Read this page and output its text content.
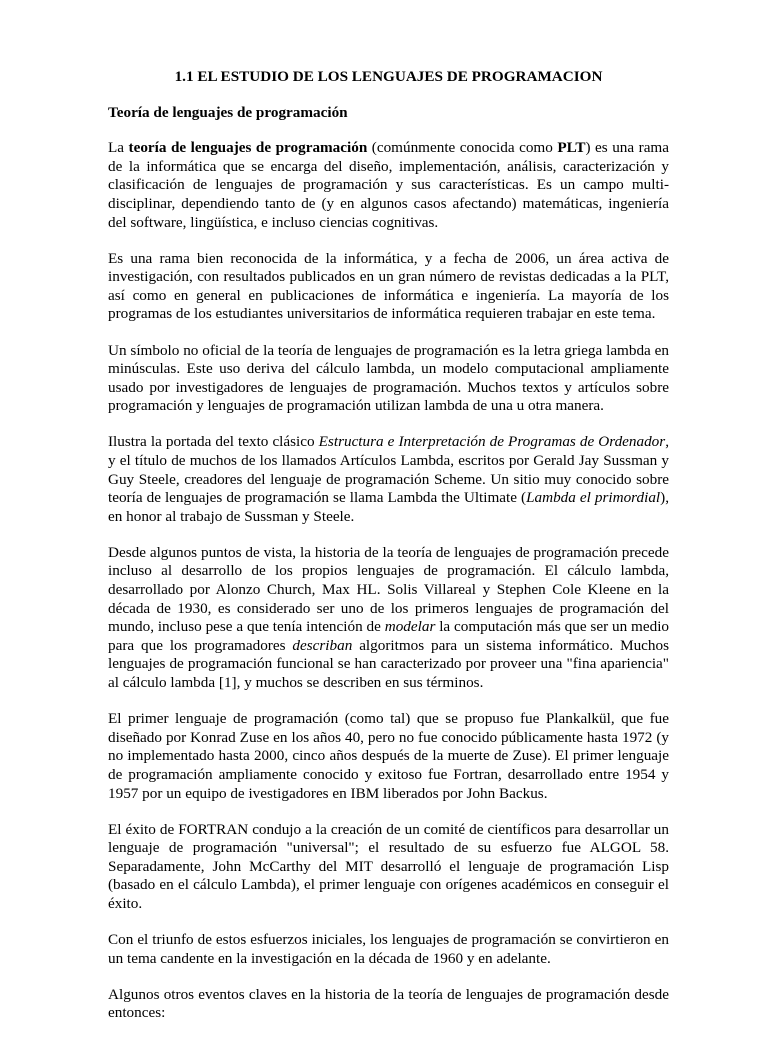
1.1 EL ESTUDIO DE LOS LENGUAJES DE PROGRAMACION
Teoría de lenguajes de programación

La teoría de lenguajes de programación (comúnmente conocida como PLT) es una rama de la informática que se encarga del diseño, implementación, análisis, caracterización y clasificación de lenguajes de programación y sus características. Es un campo multi-disciplinar, dependiendo tanto de (y en algunos casos afectando) matemáticas, ingeniería del software, lingüística, e incluso ciencias cognitivas.

Es una rama bien reconocida de la informática, y a fecha de 2006, un área activa de investigación, con resultados publicados en un gran número de revistas dedicadas a la PLT, así como en general en publicaciones de informática e ingeniería. La mayoría de los programas de los estudiantes universitarios de informática requieren trabajar en este tema.

Un símbolo no oficial de la teoría de lenguajes de programación es la letra griega lambda en minúsculas. Este uso deriva del cálculo lambda, un modelo computacional ampliamente usado por investigadores de lenguajes de programación. Muchos textos y artículos sobre programación y lenguajes de programación utilizan lambda de una u otra manera.

Ilustra la portada del texto clásico Estructura e Interpretación de Programas de Ordenador, y el título de muchos de los llamados Artículos Lambda, escritos por Gerald Jay Sussman y Guy Steele, creadores del lenguaje de programación Scheme. Un sitio muy conocido sobre teoría de lenguajes de programación se llama Lambda the Ultimate (Lambda el primordial), en honor al trabajo de Sussman y Steele.

Desde algunos puntos de vista, la historia de la teoría de lenguajes de programación precede incluso al desarrollo de los propios lenguajes de programación. El cálculo lambda, desarrollado por Alonzo Church, Max HL. Solis Villareal y Stephen Cole Kleene en la década de 1930, es considerado ser uno de los primeros lenguajes de programación del mundo, incluso pese a que tenía intención de modelar la computación más que ser un medio para que los programadores describan algoritmos para un sistema informático. Muchos lenguajes de programación funcional se han caracterizado por proveer una "fina apariencia" al cálculo lambda [1], y muchos se describen en sus términos.

El primer lenguaje de programación (como tal) que se propuso fue Plankalkül, que fue diseñado por Konrad Zuse en los años 40, pero no fue conocido públicamente hasta 1972 (y no implementado hasta 2000, cinco años después de la muerte de Zuse). El primer lenguaje de programación ampliamente conocido y exitoso fue Fortran, desarrollado entre 1954 y 1957 por un equipo de ivestigadores en IBM liberados por John Backus.

El éxito de FORTRAN condujo a la creación de un comité de científicos para desarrollar un lenguaje de programación "universal"; el resultado de su esfuerzo fue ALGOL 58. Separadamente, John McCarthy del MIT desarrolló el lenguaje de programación Lisp (basado en el cálculo Lambda), el primer lenguaje con orígenes académicos en conseguir el éxito.

Con el triunfo de estos esfuerzos iniciales, los lenguajes de programación se convirtieron en un tema candente en la investigación en la década de 1960 y en adelante.

Algunos otros eventos claves en la historia de la teoría de lenguajes de programación desde entonces:
